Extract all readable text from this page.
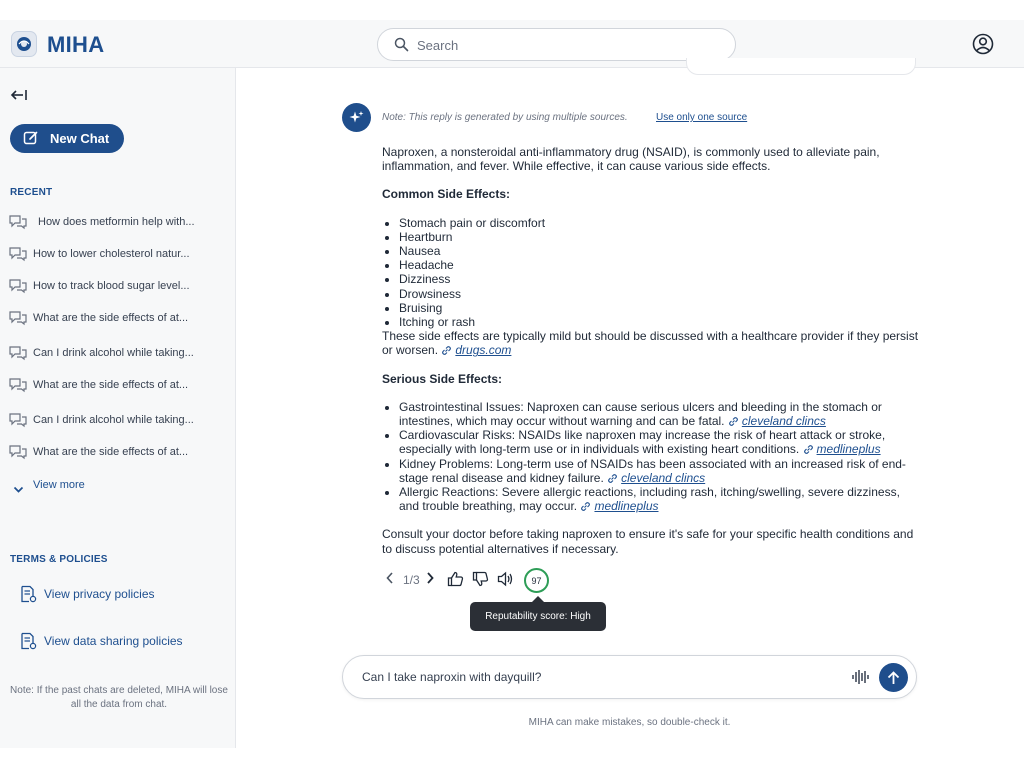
MIHA	Search
New Chat
RECENT
How does metformin help with...
How to lower cholesterol natur...
How to track blood sugar level...
What are the side effects of at...
Can I drink alcohol while taking...
What are the side effects of at...
Can I drink alcohol while taking...
What are the side effects of at...
View more
TERMS & POLICIES
View privacy policies
View data sharing policies
Note: If the past chats are deleted, MIHA will lose all the data from chat.
Note: This reply is generated by using multiple sources.	Use only one source

Naproxen, a nonsteroidal anti-inflammatory drug (NSAID), is commonly used to alleviate pain, inflammation, and fever. While effective, it can cause various side effects.

Common Side Effects:

• Stomach pain or discomfort
• Heartburn
• Nausea
• Headache
• Dizziness
• Drowsiness
• Bruising
• Itching or rash

These side effects are typically mild but should be discussed with a healthcare provider if they persist or worsen. drugs.com

Serious Side Effects:

• Gastrointestinal Issues: Naproxen can cause serious ulcers and bleeding in the stomach or intestines, which may occur without warning and can be fatal. cleveland clincs
• Cardiovascular Risks: NSAIDs like naproxen may increase the risk of heart attack or stroke, especially with long-term use or in individuals with existing heart conditions. medlineplus
• Kidney Problems: Long-term use of NSAIDs has been associated with an increased risk of end-stage renal disease and kidney failure. cleveland clincs
• Allergic Reactions: Severe allergic reactions, including rash, itching/swelling, severe dizziness, and trouble breathing, may occur. medlineplus

Consult your doctor before taking naproxen to ensure it's safe for your specific health conditions and to discuss potential alternatives if necessary.

1/3	97
Reputability score: High
Can I take naproxin with dayquill?
MIHA can make mistakes, so double-check it.
